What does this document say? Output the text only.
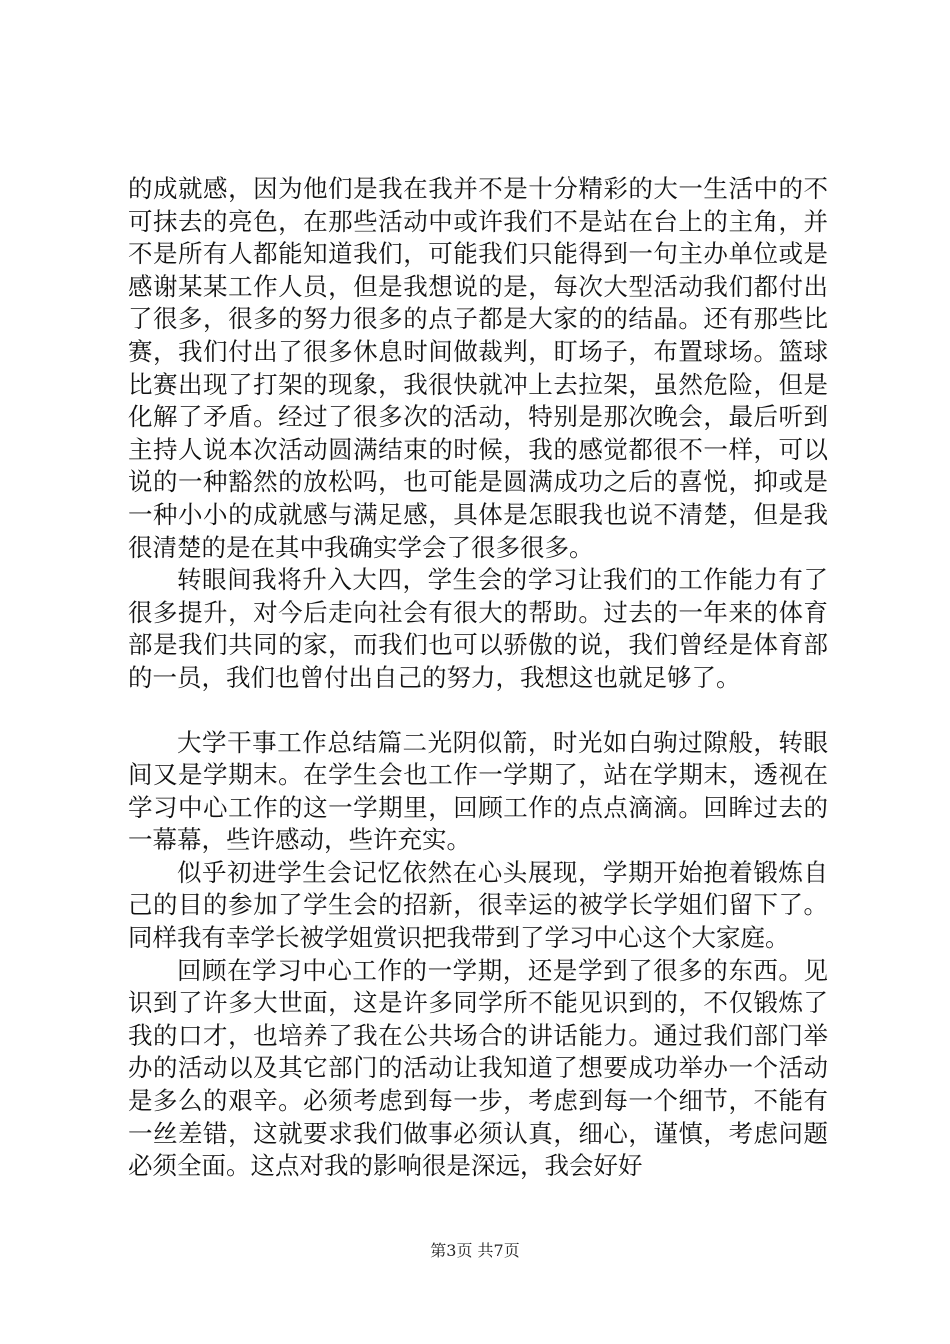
的成就感，因为他们是我在我并不是十分精彩的大一生活中的不可抹去的亮色，在那些活动中或许我们不是站在台上的主角，并不是所有人都能知道我们，可能我们只能得到一句主办单位或是感谢某某工作人员，但是我想说的是，每次大型活动我们都付出了很多，很多的努力很多的点子都是大家的的结晶。还有那些比赛，我们付出了很多休息时间做裁判，盯场子，布置球场。篮球比赛出现了打架的现象，我很快就冲上去拉架，虽然危险，但是化解了矛盾。经过了很多次的活动，特别是那次晚会，最后听到主持人说本次活动圆满结束的时候，我的感觉都很不一样，可以说的一种豁然的放松吗，也可能是圆满成功之后的喜悦，抑或是一种小小的成就感与满足感，具体是怎眼我也说不清楚，但是我很清楚的是在其中我确实学会了很多很多。

转眼间我将升入大四，学生会的学习让我们的工作能力有了很多提升，对今后走向社会有很大的帮助。过去的一年来的体育部是我们共同的家，而我们也可以骄傲的说，我们曾经是体育部的一员，我们也曾付出自己的努力，我想这也就足够了。

大学干事工作总结篇二光阴似箭，时光如白驹过隙般，转眼间又是学期末。在学生会也工作一学期了，站在学期末，透视在学习中心工作的这一学期里，回顾工作的点点滴滴。回眸过去的一幕幕，些许感动，些许充实。

似乎初进学生会记忆依然在心头展现，学期开始抱着锻炼自己的目的参加了学生会的招新，很幸运的被学长学姐们留下了。同样我有幸学长被学姐赏识把我带到了学习中心这个大家庭。

回顾在学习中心工作的一学期，还是学到了很多的东西。见识到了许多大世面，这是许多同学所不能见识到的，不仅锻炼了我的口才，也培养了我在公共场合的讲话能力。通过我们部门举办的活动以及其它部门的活动让我知道了想要成功举办一个活动是多么的艰辛。必须考虑到每一步，考虑到每一个细节，不能有一丝差错，这就要求我们做事必须认真，细心，谨慎，考虑问题必须全面。这点对我的影响很是深远，我会好好

第3页 共7页
